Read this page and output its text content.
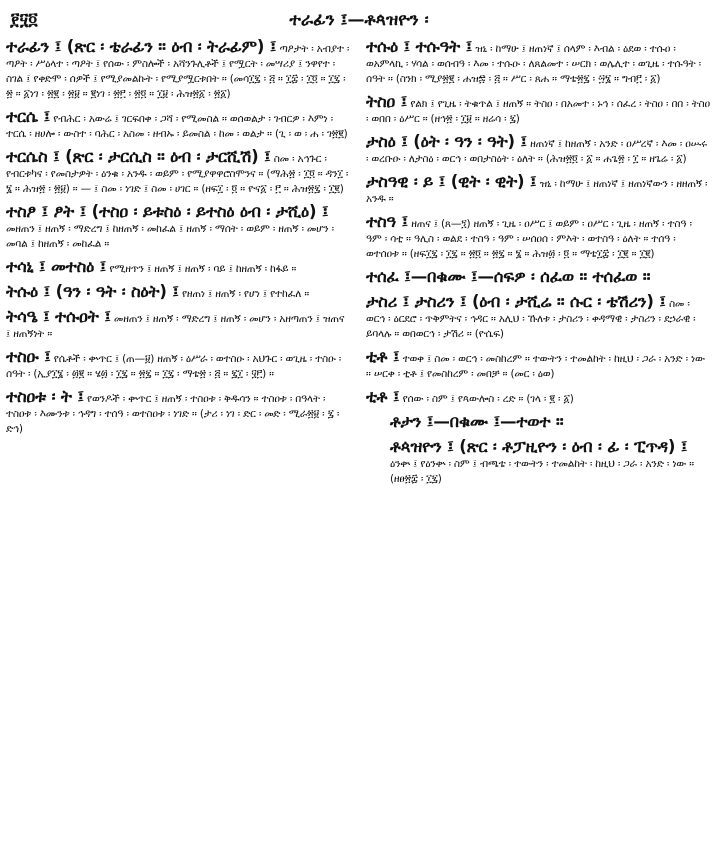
፻፶፬	ተራፊን ፤—ቶጳዝዮን ፡

ተራፊን ፤ (ጽር ፡ ቴራፊን ። ዕብ ፡ ትራፊም) ፤ ጣዖታት ፡ አብያተ ፡ ጣዖት ፡ ሥዕላተ ፡ ጣዖት ፤ የሰው ፡ ምስሎች ፡ አሻንጉሊቶች ፤ የሟርት ፡ መሣሪያ ፤ ንዋየተ ፡ ስገል ፤ የቀድሞ ፡ ሰዎች ፤ የሚያመልኩት ፡ የሚያሟርቱበት ። (መሳ፲፯ ፡ ፭ ። ፲፰ ፡ ፲፬ ። ፲፯ ፡ ፳ ። ፩ነገ ፡ ፳፪ ፡ ፳፱ ። ፪ነገ ፡ ፳፫ ፡ ፳፬ ። ፲፱ ፡ ሕዝ፳፩ ፡ ፳፩)

ተርሴ ፤ የብሕር ፡ አውሬ ፤ ገርፍበቀ ፡ ጋሻ ፡ የሚመስል ። ወሰወልታ ፡ ገብርዎ ፡ እምነ ፡ ተርሴ ፡ ዘሀሎ ፡ ውስተ ፡ ባሕር ፡ አስመ ፡ ዘብኡ ፡ ይመስል ፡ ከመ ፡ ወልታ ። (ጊ ፡ ወ ፡ ሐ ፡ ገ፳፪)

ተርሴስ ፤ (ጽር ፡ ታርሲስ ። ዕብ ፡ ታርሺሽ) ፤ ስመ ፡ አኅጉር ፡ የብርቱካና ፡ የመስታዎት ፡ ዕንቁ ፡ አንዱ ፡ ወይም ፡ የሚያዋዋሮስሞንና ። (ማሕ፳ ፡ ፲፬ ። ዳን፲ ፡ ፮ ። ሕዝ፳ ፡ ፳፱) ። — ፤ ስመ ፡ ነገድ ፤ ስመ ፡ ሀገር ። (ዘፍ፲ ፡ ፬ ። ዮና፩ ፡ ፫ ። ሕዝ፳፯ ፡ ፲፪)

ተስፆ ፤ ፆት ፤ (ተስዐ ፡ ይቱስዕ ፡ ይተስዕ ዕብ ፡ ታሺዕ) ፤ መዘጠን ፤ ዘጠኝ ፡ ማድረግ ፤ ከዘጠኝ ፡ መከፈል ፤ ዘጠኝ ፡ ማሰት ፡ ወይም ፡ ዘጠኝ ፡ መሆን ፡ መባል ፤ ከዘጠኝ ፡ መከፈል ።

ተሳኒ ፤ መተስዕ ፤ የሚዘጥን ፤ ዘጠኝ ፤ ዘጠኝ ፡ ባይ ፤ ከዘጠኝ ፡ ከፋይ ።

ትሱዕ ፤ (ዓን ፡ ዓት ፡ ስዕት) ፤ የዘጠነ ፤ ዘጠኝ ፡ የሆነ ፤ የተከፈለ ።

ትሳዔ ፤ ተሱዐት ፤ መዘጠን ፤ ዘጠኝ ፡ ማድረግ ፤ ዘጠኝ ፡ መሆን ፡ አዘጣጠን ፤ ዝጠና ፤ ዘጠኝነት ።

ተስዑ ፤ የሴቶች ፡ ቍጥር ፤ (ጠ—፱) ዘጠኝ ፡ ዕሥራ ፡ ወተስዑ ፡ አህጉር ፡ ወጊዜ ፡ ተስዑ ፡ ሰዓት ፡ (ኢያ፲፮ ፡ ፴፪ ። ሄ፴ ፡ ፲፯ ። ፳፯ ። ፲፯ ፡ ማቴ፳ ፡ ፭ ። ፯፲ ፡ ፶፫) ።

ተስዐቱ ፡ ት ፤ የወንዶች ፡ ቍጥር ፤ ዘጠኝ ፡ ተስዐቱ ፡ ቅዱሳን ። ተስዐቱ ፡ በዓላት ፡ ተስዐቱ ፡ እሙንቱ ፡ ኅዳግ ፡ ተሰዓ ፡ ወተስዐቱ ፡ ነገድ ። (ታሪ ፡ ነገ ፡ ድር ፡ መድ ፡ ሚራ፳፱ ፡ ፯ ፡ ድኅ)

ተሱዕ ፤ ተሱዓት ፤ ዝኒ ፡ ከማሁ ፤ ዘጠነኛ ፤ ሰላም ፡ እብል ፡ ዕደወ ፡ ተሱዐ ፡ ወአምላኪ ፡ ሃሳል ፡ ወሰብዓ ፡ እመ ፡ ተሱዑ ፡ ለጸልመተ ፡ ሠርክ ፡ ወሌሊተ ፡ ወጊዜ ፡ ተሱዓት ፡ ሰዓት ። (ስንክ ፡ ሚያ፳፪ ፡ ሐዝ፷ ፡ ፭ ። ሥር ፡ ጸሐ ። ማቴ፳፯ ፡ ፵፮ ። ግብ፫ ፡ ፩)

ትስዐ ፤ የልክ ፤ የጊዜ ፡ ትቁጥል ፤ ዘጠኝ ። ትስዐ ፡ በአመተ ፡ ኑኅ ፡ ሰፈረ ፡ ትስዐ ፡ በበ ፡ ትስዐ ፡ ወበበ ፡ ዕሥር ። (ዘኅ፳ ፡ ፲፱ ። ዘሬሳ ፡ ፯)

ታስዕ ፤ (ዕት ፡ ዓን ፡ ዓት) ፤ ዘጠነኛ ፤ ከዘጠኝ ፡ አንድ ፡ ዐሥረኛ ፡ እመ ፡ ዐሡሩ ፡ ወረቡዑ ፡ ለታስዕ ፡ ወርኅ ፡ ወበታስዕት ፡ ዕለት ። (ሕዝ፳፬ ፡ ፩ ። ሐጌ፳ ፡ ፲ ። ዘጌሬ ፡ ፩)

ታስዓዊ ፡ ይ ፤ (ዊት ፡ ዊት) ፤ ዝኒ ፡ ከማሁ ፤ ዘጠነኛ ፤ ዘጠነኛውን ፡ ዘዘጠኝ ፡ አንዱ ።

ተስዓ ፤ ዘጠና ፤ (ጸ—፺) ዘጠኝ ፡ ጊዜ ፡ ዐሥር ፤ ወይም ፡ ዐሥር ፡ ጊዜ ፡ ዘጠኝ ፡ ተስዓ ፡ ዓም ፡ ሳቲ ። ዓሊስ ፡ ወልደ ፡ ተስዓ ፡ ዓም ፡ ሠሰዐሰ ፡ ምእት ፡ ወተስዓ ፡ ዕለት ። ተሰዓ ፡ ወተሰዐቱ ። (ዘፍ፲፯ ፡ ፲፯ ። ፳፬ ። ፳፯ ። ፮ ። ሕዝ፴ ፡ ፬ ። ማቴ፲፰ ፡ ፲፪ ። ፲፪)

ተሰፈ ፤—በቁሙ ፤—ሰፍዎ ፡ ሰፈወ ። ተሰፈወ ።

ታስሪ ፤ ታስሪን ፤ (ዕብ ፡ ታሺሬ ። ሱር ፡ ቴሽሪን) ፤ ስመ ፡ ወርኅ ፡ ዕርደሮ ፡ ጥቅምትና ፡ ኅዳር ። አሊህ ፡ ኹለቱ ፡ ታስሪን ፡ ቀዳማዊ ፡ ታስሪን ፡ ደኃራዊ ፡ ይባላሉ ። ወበወርኅ ፡ ታሽሪ ። (ዮሴፍ)

ቲቶ ፤ ተወቀ ፤ ስመ ፡ ወርኅ ፡ መስከረም ። ተውትን ፡ ተመልከት ፡ ከዚህ ፡ ጋራ ፡ አንድ ፡ ነው ። ሠርቀ ፡ ቲቶ ፤ የመስከረም ፡ መበቻ ። (መር ፡ ዕወ)

ቲቶ ፤ የሰው ፡ ስም ፤ የጳውሎስ ፡ ረድ ። (ገላ ፡ ፪ ፡ ፩)

ቶታን ፤—በቁሙ ፤—ተወተ ።

ቶጳዝዮን ፤ (ጽር ፡ ቶፓዚዮን ፡ ዕብ ፡ ፊ ፡ ፒጥዳ) ፤ ዕንቍ ፤ የዕንቍ ፡ ስም ፤ ብጫቴ ፡ ተውትን ፡ ተመልከት ፡ ከዚህ ፡ ጋራ ፡ አንድ ፡ ነው ። (ዘፀ፳፰ ፡ ፲፯)
